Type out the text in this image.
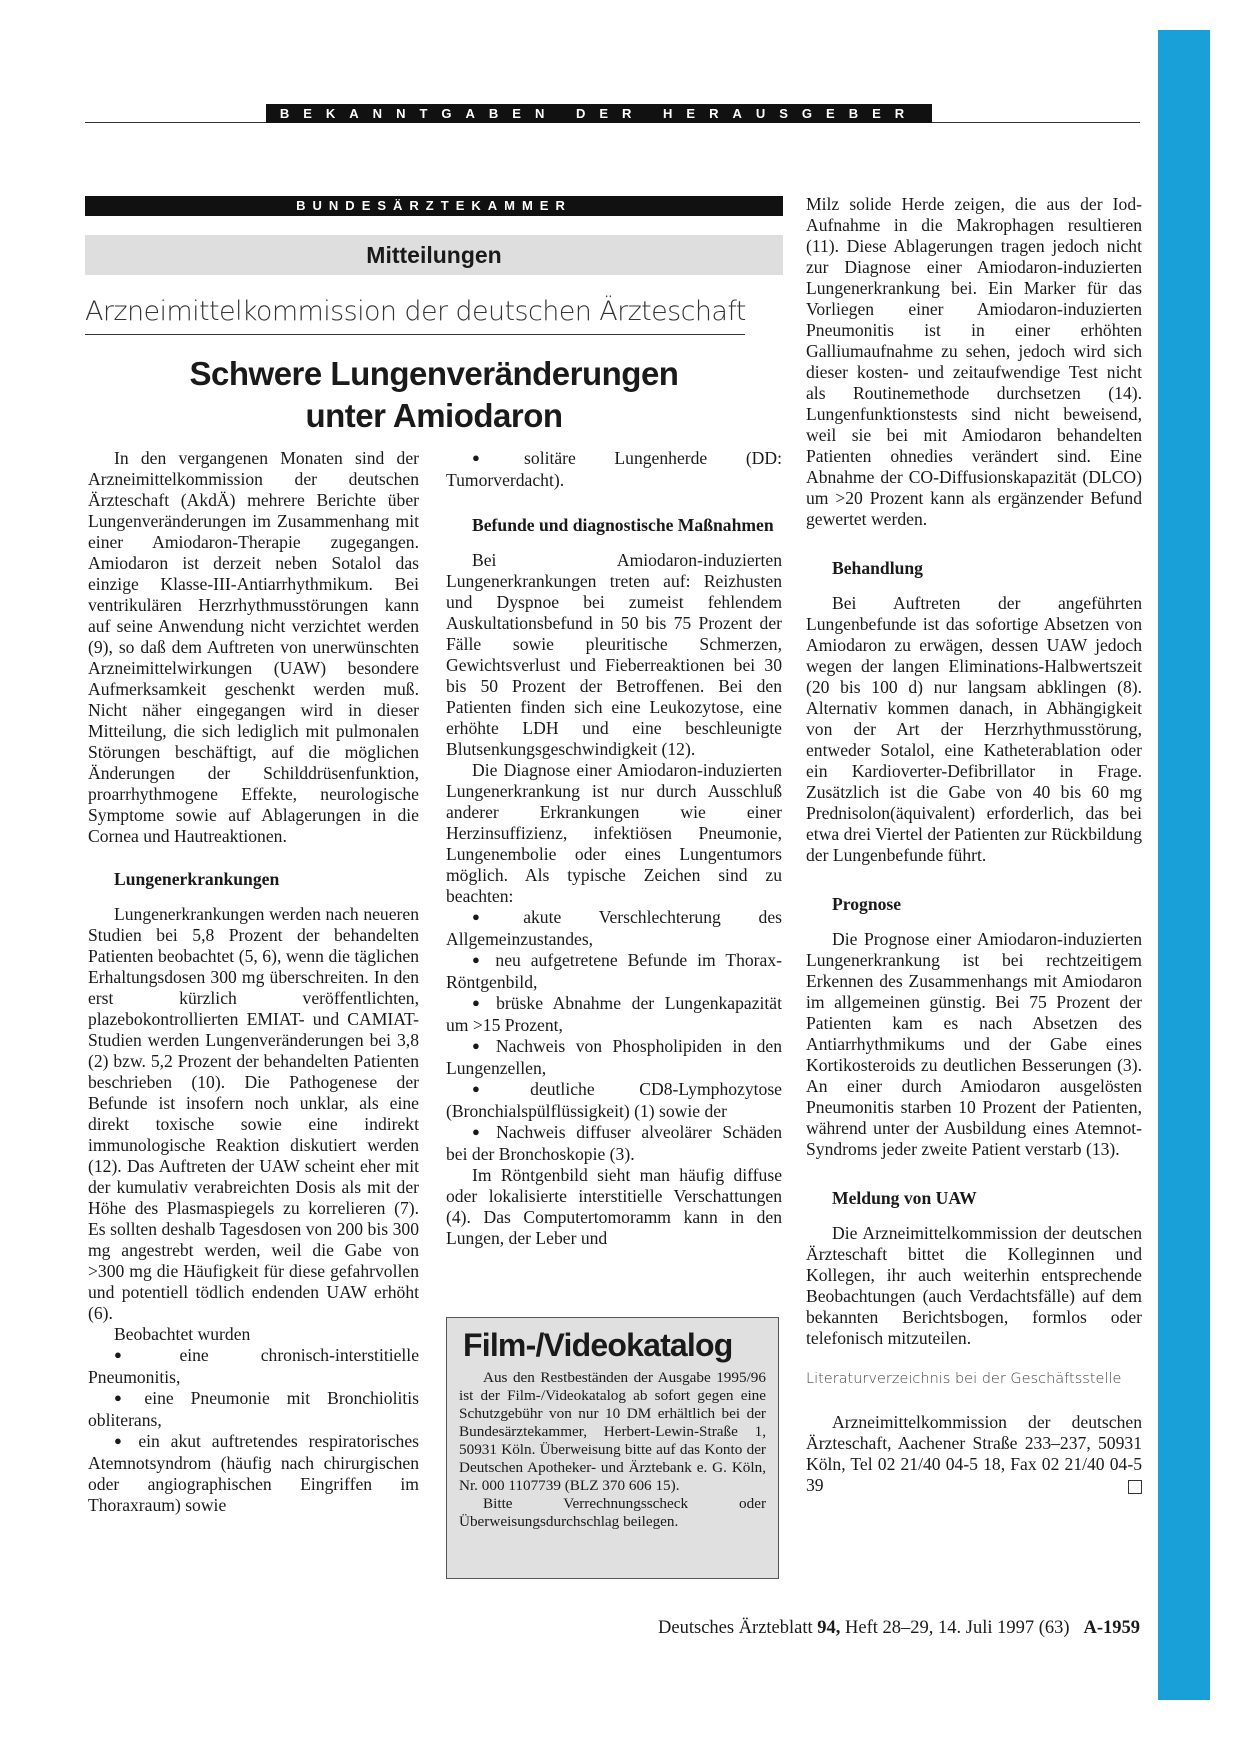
BEKANNTGABEN DER HERAUSGEBER
BUNDESÄRZTEKAMMER
Mitteilungen
Arzneimittelkommission der deutschen Ärzteschaft
Schwere Lungenveränderungen
unter Amiodaron

In den vergangenen Monaten sind der Arzneimittelkommission der deutschen Ärzteschaft (AkdÄ) mehrere Berichte über Lungenveränderungen im Zusammenhang mit einer Amiodaron-Therapie zugegangen. Amiodaron ist derzeit neben Sotalol das einzige Klasse-III-Antiarrhythmikum. Bei ventrikulären Herzrhythmusstörungen kann auf seine Anwendung nicht verzichtet werden (9), so daß dem Auftreten von unerwünschten Arzneimittelwirkungen (UAW) besondere Aufmerksamkeit geschenkt werden muß. Nicht näher eingegangen wird in dieser Mitteilung, die sich lediglich mit pulmonalen Störungen beschäftigt, auf die möglichen Änderungen der Schilddrüsenfunktion, proarrhythmogene Effekte, neurologische Symptome sowie auf Ablagerungen in die Cornea und Hautreaktionen.

Lungenerkrankungen

Lungenerkrankungen werden nach neueren Studien bei 5,8 Prozent der behandelten Patienten beobachtet (5, 6), wenn die täglichen Erhaltungsdosen 300 mg überschreiten. In den erst kürzlich veröffentlichten, plazebokontrollierten EMIAT- und CAMIAT-Studien werden Lungenveränderungen bei 3,8 (2) bzw. 5,2 Prozent der behandelten Patienten beschrieben (10). Die Pathogenese der Befunde ist insofern noch unklar, als eine direkt toxische sowie eine indirekt immunologische Reaktion diskutiert werden (12). Das Auftreten der UAW scheint eher mit der kumulativ verabreichten Dosis als mit der Höhe des Plasmaspiegels zu korrelieren (7). Es sollten deshalb Tagesdosen von 200 bis 300 mg angestrebt werden, weil die Gabe von >300 mg die Häufigkeit für diese gefahrvollen und potentiell tödlich endenden UAW erhöht (6).

Beobachtet wurden

● eine chronisch-interstitielle Pneumonitis,

● eine Pneumonie mit Bronchiolitis obliterans,

● ein akut auftretendes respiratorisches Atemnotsyndrom (häufig nach chirurgischen oder angiographischen Eingriffen im Thoraxraum) sowie

● solitäre Lungenherde (DD: Tumorverdacht).

Befunde und diagnostische Maßnahmen

Bei Amiodaron-induzierten Lungenerkrankungen treten auf: Reizhusten und Dyspnoe bei zumeist fehlendem Auskultationsbefund in 50 bis 75 Prozent der Fälle sowie pleuritische Schmerzen, Gewichtsverlust und Fieberreaktionen bei 30 bis 50 Prozent der Betroffenen. Bei den Patienten finden sich eine Leukozytose, eine erhöhte LDH und eine beschleunigte Blutsenkungsgeschwindigkeit (12).

Die Diagnose einer Amiodaron-induzierten Lungenerkrankung ist nur durch Ausschluß anderer Erkrankungen wie einer Herzinsuffizienz, infektiösen Pneumonie, Lungenembolie oder eines Lungentumors möglich. Als typische Zeichen sind zu beachten:

● akute Verschlechterung des Allgemeinzustandes,

● neu aufgetretene Befunde im Thorax-Röntgenbild,

● brüske Abnahme der Lungenkapazität um >15 Prozent,

● Nachweis von Phospholipiden in den Lungenzellen,

● deutliche CD8-Lymphozytose (Bronchialspülflüssigkeit) (1) sowie der

● Nachweis diffuser alveolärer Schäden bei der Bronchoskopie (3).

Im Röntgenbild sieht man häufig diffuse oder lokalisierte interstitielle Verschattungen (4). Das Computertomoramm kann in den Lungen, der Leber und

Film-/Videokatalog

Aus den Restbeständen der Ausgabe 1995/96 ist der Film-/Videokatalog ab sofort gegen eine Schutzgebühr von nur 10 DM erhältlich bei der Bundesärztekammer, Herbert-Lewin-Straße 1, 50931 Köln. Überweisung bitte auf das Konto der Deutschen Apotheker- und Ärztebank e. G. Köln, Nr. 000 1107739 (BLZ 370 606 15).

Bitte Verrechnungsscheck oder Überweisungsdurchschlag beilegen.

Milz solide Herde zeigen, die aus der Iod-Aufnahme in die Makrophagen resultieren (11). Diese Ablagerungen tragen jedoch nicht zur Diagnose einer Amiodaron-induzierten Lungenerkrankung bei. Ein Marker für das Vorliegen einer Amiodaron-induzierten Pneumonitis ist in einer erhöhten Galliumaufnahme zu sehen, jedoch wird sich dieser kosten- und zeitaufwendige Test nicht als Routinemethode durchsetzen (14). Lungenfunktionstests sind nicht beweisend, weil sie bei mit Amiodaron behandelten Patienten ohnedies verändert sind. Eine Abnahme der CO-Diffusionskapazität (DLCO) um >20 Prozent kann als ergänzender Befund gewertet werden.

Behandlung

Bei Auftreten der angeführten Lungenbefunde ist das sofortige Absetzen von Amiodaron zu erwägen, dessen UAW jedoch wegen der langen Eliminations-Halbwertszeit (20 bis 100 d) nur langsam abklingen (8). Alternativ kommen danach, in Abhängigkeit von der Art der Herzrhythmusstörung, entweder Sotalol, eine Katheterablation oder ein Kardioverter-Defibrillator in Frage. Zusätzlich ist die Gabe von 40 bis 60 mg Prednisolon(äquivalent) erforderlich, das bei etwa drei Viertel der Patienten zur Rückbildung der Lungenbefunde führt.

Prognose

Die Prognose einer Amiodaron-induzierten Lungenerkrankung ist bei rechtzeitigem Erkennen des Zusammenhangs mit Amiodaron im allgemeinen günstig. Bei 75 Prozent der Patienten kam es nach Absetzen des Antiarrhythmikums und der Gabe eines Kortikosteroids zu deutlichen Besserungen (3). An einer durch Amiodaron ausgelösten Pneumonitis starben 10 Prozent der Patienten, während unter der Ausbildung eines Atemnot-Syndroms jeder zweite Patient verstarb (13).

Meldung von UAW

Die Arzneimittelkommission der deutschen Ärzteschaft bittet die Kolleginnen und Kollegen, ihr auch weiterhin entsprechende Beobachtungen (auch Verdachtsfälle) auf dem bekannten Berichtsbogen, formlos oder telefonisch mitzuteilen.

Literaturverzeichnis bei der Geschäftsstelle

Arzneimittelkommission der deutschen Ärzteschaft, Aachener Straße 233–237, 50931 Köln, Tel 02 21/40 04-5 18, Fax 02 21/40 04-5 39

Deutsches Ärzteblatt 94, Heft 28–29, 14. Juli 1997 (63) A-1959
